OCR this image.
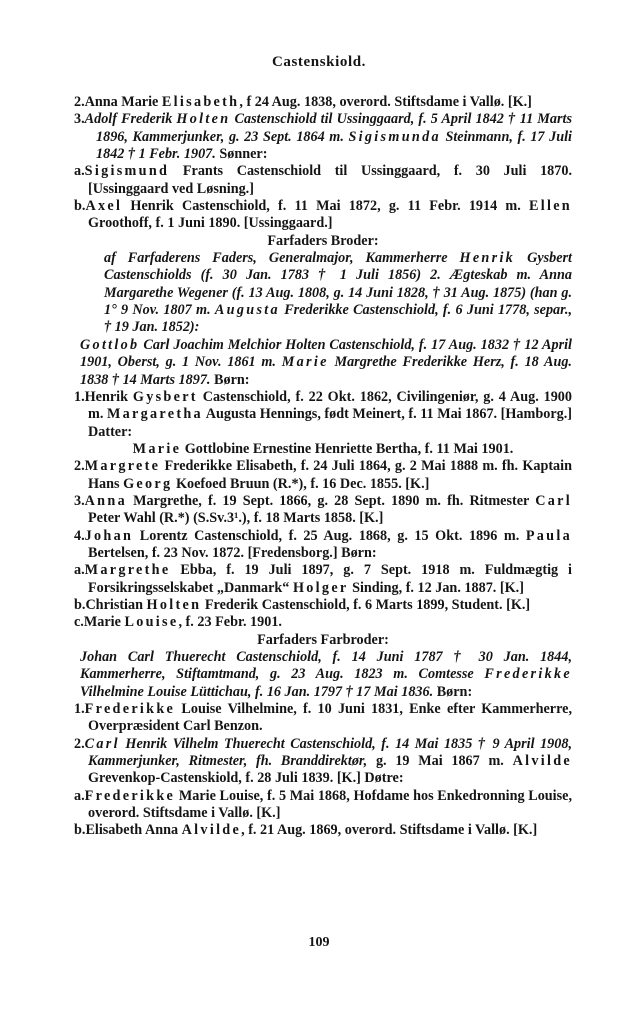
Castenskiold.

2.Anna Marie Elisabeth, f 24 Aug. 1838, overord. Stiftsdame i Vallø. [K.]

3.Adolf Frederik Holten Castenschiold til Ussinggaard, f. 5 April 1842 † 11 Marts 1896, Kammerjunker, g. 23 Sept. 1864 m. Sigismunda Steinmann, f. 17 Juli 1842 † 1 Febr. 1907. Sønner:

a.Sigismund Frants Castenschiold til Ussinggaard, f. 30 Juli 1870. [Ussinggaard ved Løsning.]

b.Axel Henrik Castenschiold, f. 11 Mai 1872, g. 11 Febr. 1914 m. Ellen Groothoff, f. 1 Juni 1890. [Ussinggaard.]

Farfaders Broder:

af Farfaderens Faders, Generalmajor, Kammerherre Henrik Gysbert Castenschiolds (f. 30 Jan. 1783 † 1 Juli 1856) 2. Ægteskab m. Anna Margarethe Wegener (f. 13 Aug. 1808, g. 14 Juni 1828, † 31 Aug. 1875) (han g. 1° 9 Nov. 1807 m. Augusta Frederikke Castenschiold, f. 6 Juni 1778, separ., † 19 Jan. 1852):

Gottlob Carl Joachim Melchior Holten Castenschiold, f. 17 Aug. 1832 † 12 April 1901, Oberst, g. 1 Nov. 1861 m. Marie Margrethe Frederikke Herz, f. 18 Aug. 1838 † 14 Marts 1897. Børn:

1.Henrik Gysbert Castenschiold, f. 22 Okt. 1862, Civilingeniør, g. 4 Aug. 1900 m. Margaretha Augusta Hennings, født Meinert, f. 11 Mai 1867. [Hamborg.] Datter:

Marie Gottlobine Ernestine Henriette Bertha, f. 11 Mai 1901.

2.Margrete Frederikke Elisabeth, f. 24 Juli 1864, g. 2 Mai 1888 m. fh. Kaptain Hans Georg Koefoed Bruun (R.*), f. 16 Dec. 1855. [K.]

3.Anna Margrethe, f. 19 Sept. 1866, g. 28 Sept. 1890 m. fh. Ritmester Carl Peter Wahl (R.*) (S.Sv.3¹.), f. 18 Marts 1858. [K.]

4.Johan Lorentz Castenschiold, f. 25 Aug. 1868, g. 15 Okt. 1896 m. Paula Bertelsen, f. 23 Nov. 1872. [Fredensborg.] Børn:

a.Margrethe Ebba, f. 19 Juli 1897, g. 7 Sept. 1918 m. Fuldmægtig i Forsikringsselskabet „Danmark“ Holger Sinding, f. 12 Jan. 1887. [K.]

b.Christian Holten Frederik Castenschiold, f. 6 Marts 1899, Student. [K.]

c.Marie Louise, f. 23 Febr. 1901.

Farfaders Farbroder:

Johan Carl Thuerecht Castenschiold, f. 14 Juni 1787 † 30 Jan. 1844, Kammerherre, Stiftamtmand, g. 23 Aug. 1823 m. Comtesse Frederikke Vilhelmine Louise Lüttichau, f. 16 Jan. 1797 † 17 Mai 1836. Børn:

1.Frederikke Louise Vilhelmine, f. 10 Juni 1831, Enke efter Kammerherre, Overpræsident Carl Benzon.

2.Carl Henrik Vilhelm Thuerecht Castenschiold, f. 14 Mai 1835 † 9 April 1908, Kammerjunker, Ritmester, fh. Branddirektør, g. 19 Mai 1867 m. Alvilde Grevenkop-Castenskiold, f. 28 Juli 1839. [K.] Døtre:

a.Frederikke Marie Louise, f. 5 Mai 1868, Hofdame hos Enkedronning Louise, overord. Stiftsdame i Vallø. [K.]

b.Elisabeth Anna Alvilde, f. 21 Aug. 1869, overord. Stiftsdame i Vallø. [K.]

109
